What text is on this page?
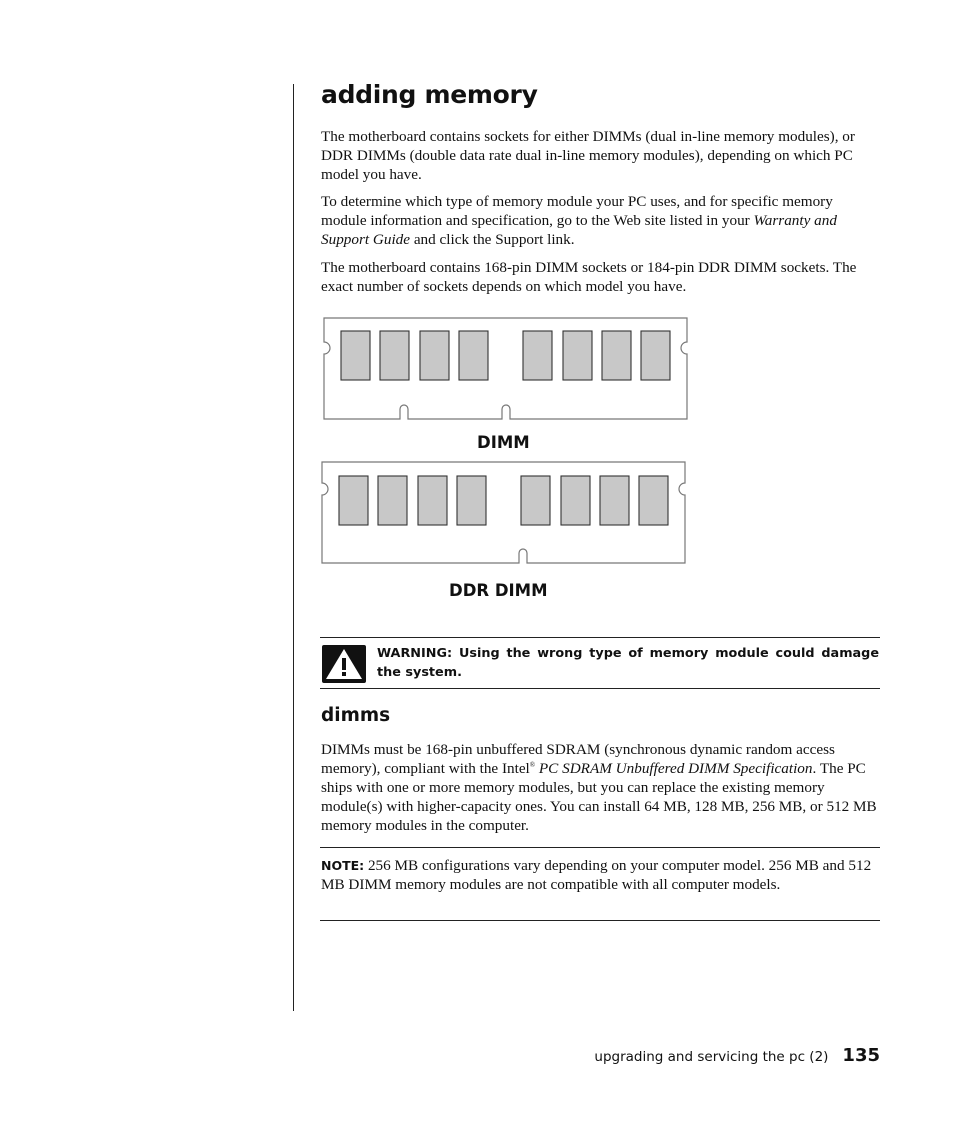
adding memory

The motherboard contains sockets for either DIMMs (dual in-line memory modules), or DDR DIMMs (double data rate dual in-line memory modules), depending on which PC model you have.

To determine which type of memory module your PC uses, and for specific memory module information and specification, go to the Web site listed in your Warranty and Support Guide and click the Support link.

The motherboard contains 168-pin DIMM sockets or 184-pin DDR DIMM sockets. The exact number of sockets depends on which model you have.

DIMM
DDR DIMM
WARNING: Using the wrong type of memory module could damage the system.
dimms

DIMMs must be 168-pin unbuffered SDRAM (synchronous dynamic random access memory), compliant with the Intel® PC SDRAM Unbuffered DIMM Specification. The PC ships with one or more memory modules, but you can replace the existing memory module(s) with higher-capacity ones. You can install 64 MB, 128 MB, 256 MB, or 512 MB memory modules in the computer.

NOTE: 256 MB configurations vary depending on your computer model. 256 MB and 512 MB DIMM memory modules are not compatible with all computer models.

upgrading and servicing the pc (2) 135
